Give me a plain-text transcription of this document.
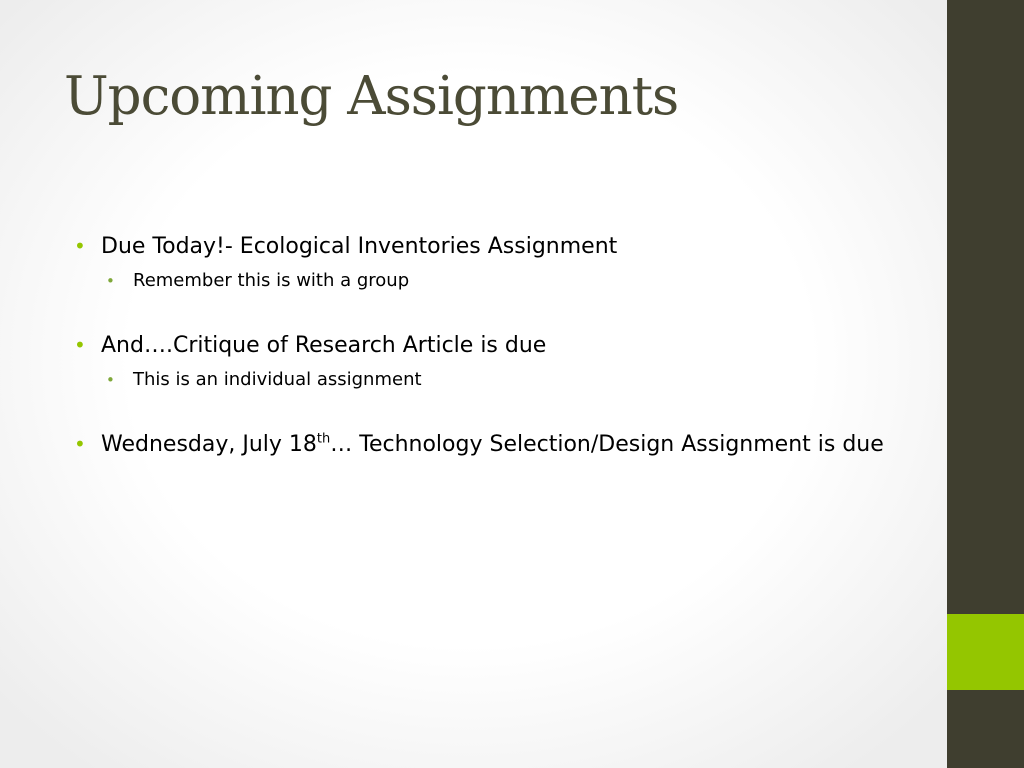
Upcoming Assignments
• Due Today!- Ecological Inventories Assignment
• Remember this is with a group
• And….Critique of Research Article is due
• This is an individual assignment
• Wednesday, July 18th… Technology Selection/Design Assignment is due
